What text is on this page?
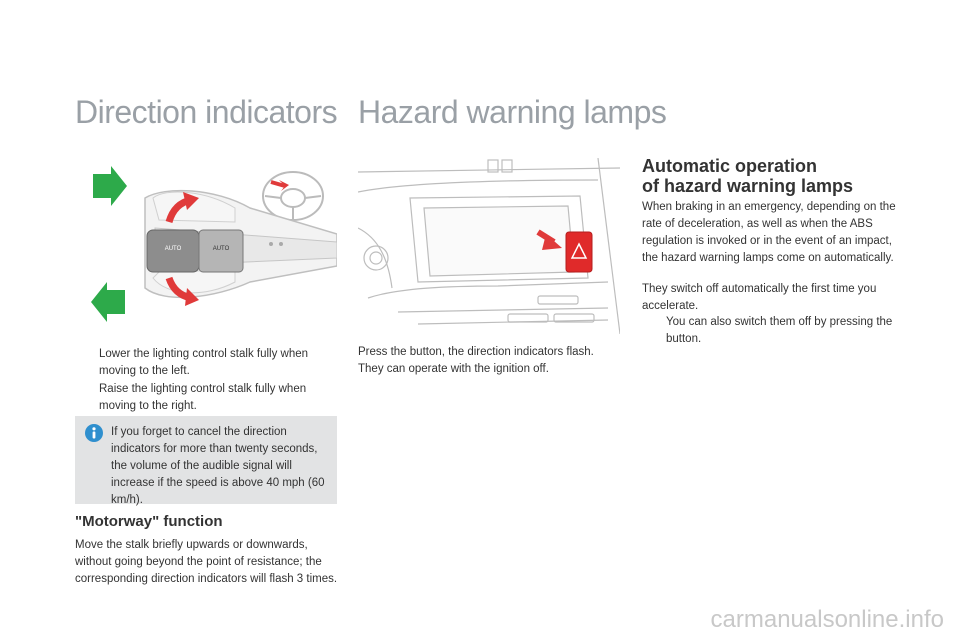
Direction indicators Hazard warning lamps
AUTO	AUTO
Lower the lighting control stalk fully when moving to the left.
Raise the lighting control stalk fully when moving to the right.
If you forget to cancel the direction indicators for more than twenty seconds, the volume of the audible signal will increase if the speed is above 40 mph (60 km/h).
"Motorway" function

Move the stalk briefly upwards or downwards, without going beyond the point of resistance; the corresponding direction indicators will flash 3 times.

Press the button, the direction indicators flash.

They can operate with the ignition off.

Automatic operation
of hazard warning lamps

When braking in an emergency, depending on the rate of deceleration, as well as when the ABS regulation is invoked or in the event of an impact, the hazard warning lamps come on automatically.

They switch off automatically the first time you accelerate.

You can also switch them off by pressing the button.
carmanualsonline.info
